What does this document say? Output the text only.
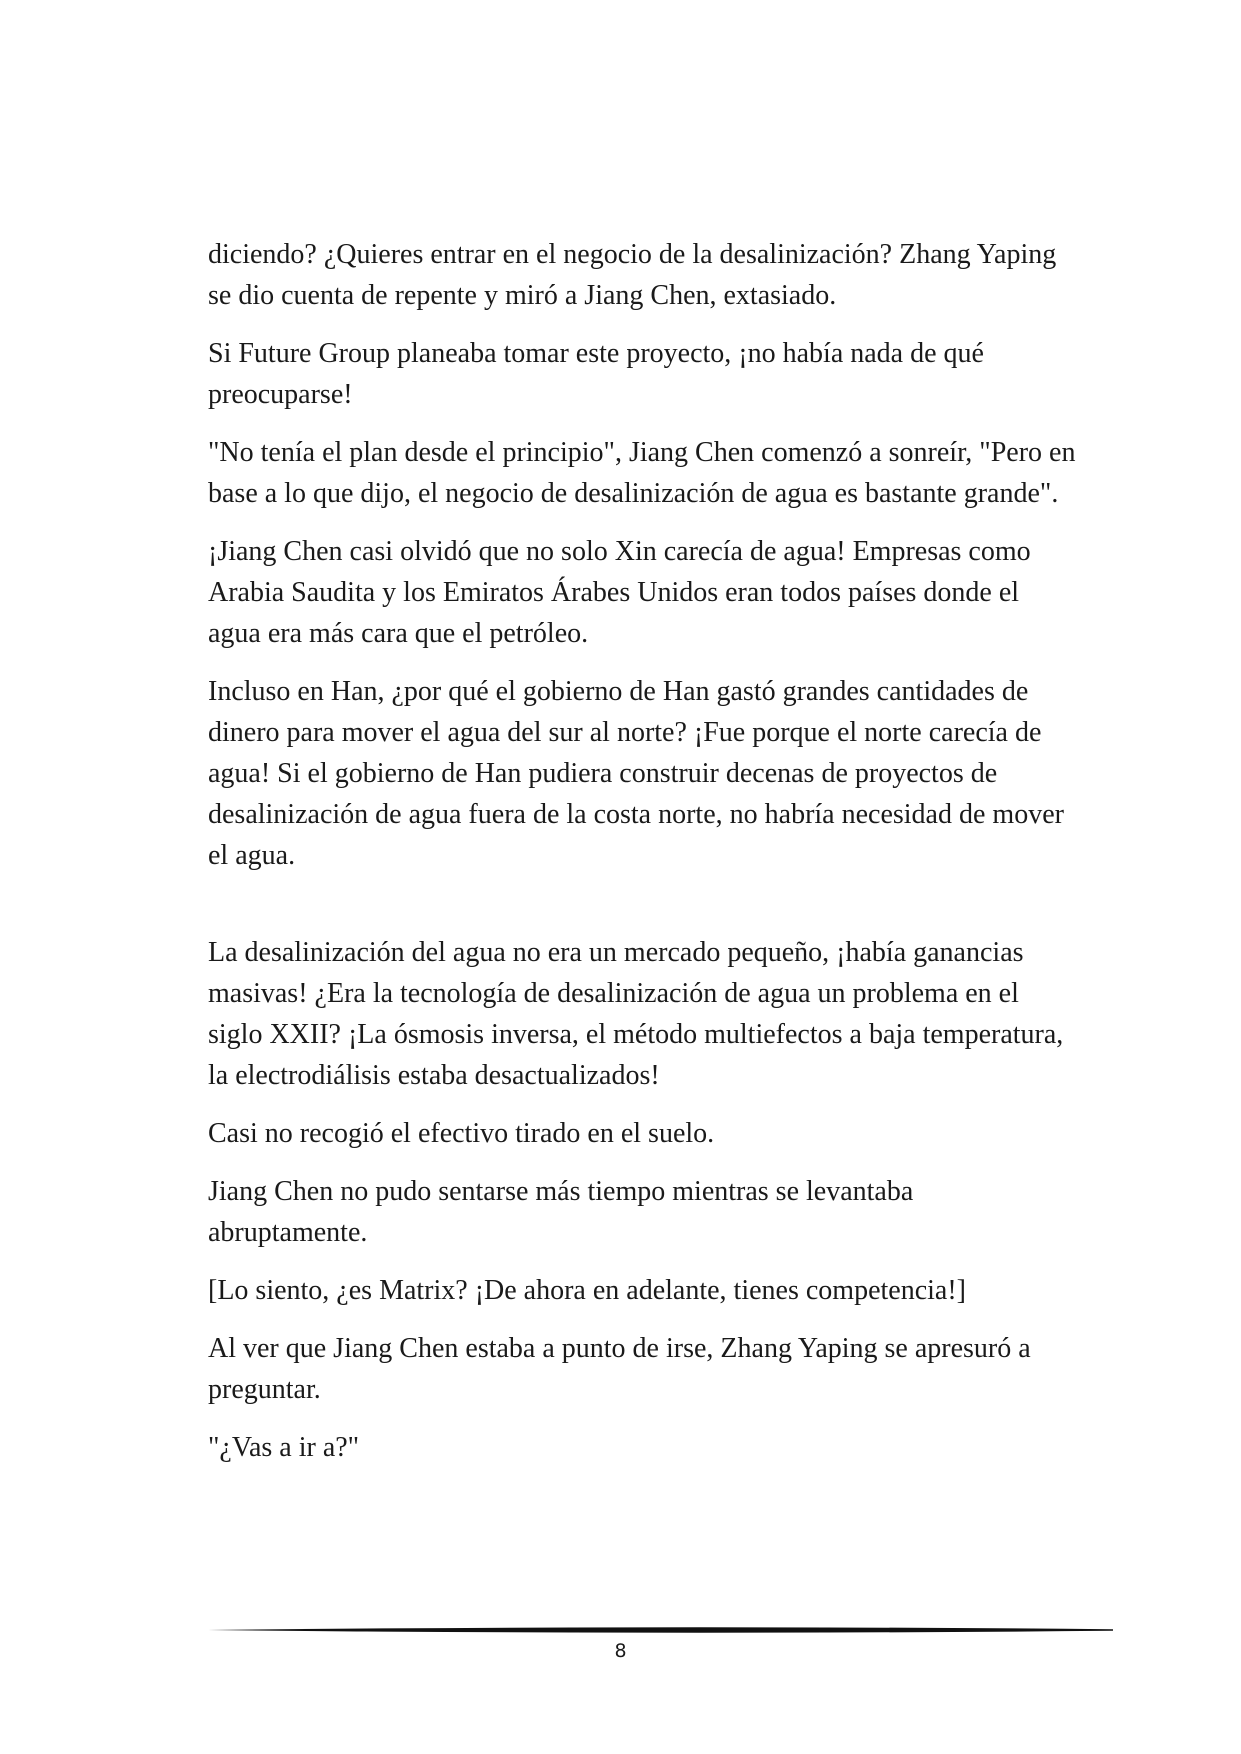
diciendo? ¿Quieres entrar en el negocio de la desalinización? Zhang Yaping se dio cuenta de repente y miró a Jiang Chen, extasiado.

Si Future Group planeaba tomar este proyecto, ¡no había nada de qué preocuparse!

"No tenía el plan desde el principio", Jiang Chen comenzó a sonreír, "Pero en base a lo que dijo, el negocio de desalinización de agua es bastante grande".

¡Jiang Chen casi olvidó que no solo Xin carecía de agua! Empresas como Arabia Saudita y los Emiratos Árabes Unidos eran todos países donde el agua era más cara que el petróleo.

Incluso en Han, ¿por qué el gobierno de Han gastó grandes cantidades de dinero para mover el agua del sur al norte? ¡Fue porque el norte carecía de agua! Si el gobierno de Han pudiera construir decenas de proyectos de desalinización de agua fuera de la costa norte, no habría necesidad de mover el agua.

La desalinización del agua no era un mercado pequeño, ¡había ganancias masivas! ¿Era la tecnología de desalinización de agua un problema en el siglo XXII? ¡La ósmosis inversa, el método multiefectos a baja temperatura, la electrodiálisis estaba desactualizados!

Casi no recogió el efectivo tirado en el suelo.

Jiang Chen no pudo sentarse más tiempo mientras se levantaba abruptamente.

[Lo siento, ¿es Matrix? ¡De ahora en adelante, tienes competencia!]

Al ver que Jiang Chen estaba a punto de irse, Zhang Yaping se apresuró a preguntar.

"¿Vas a ir a?"

8
